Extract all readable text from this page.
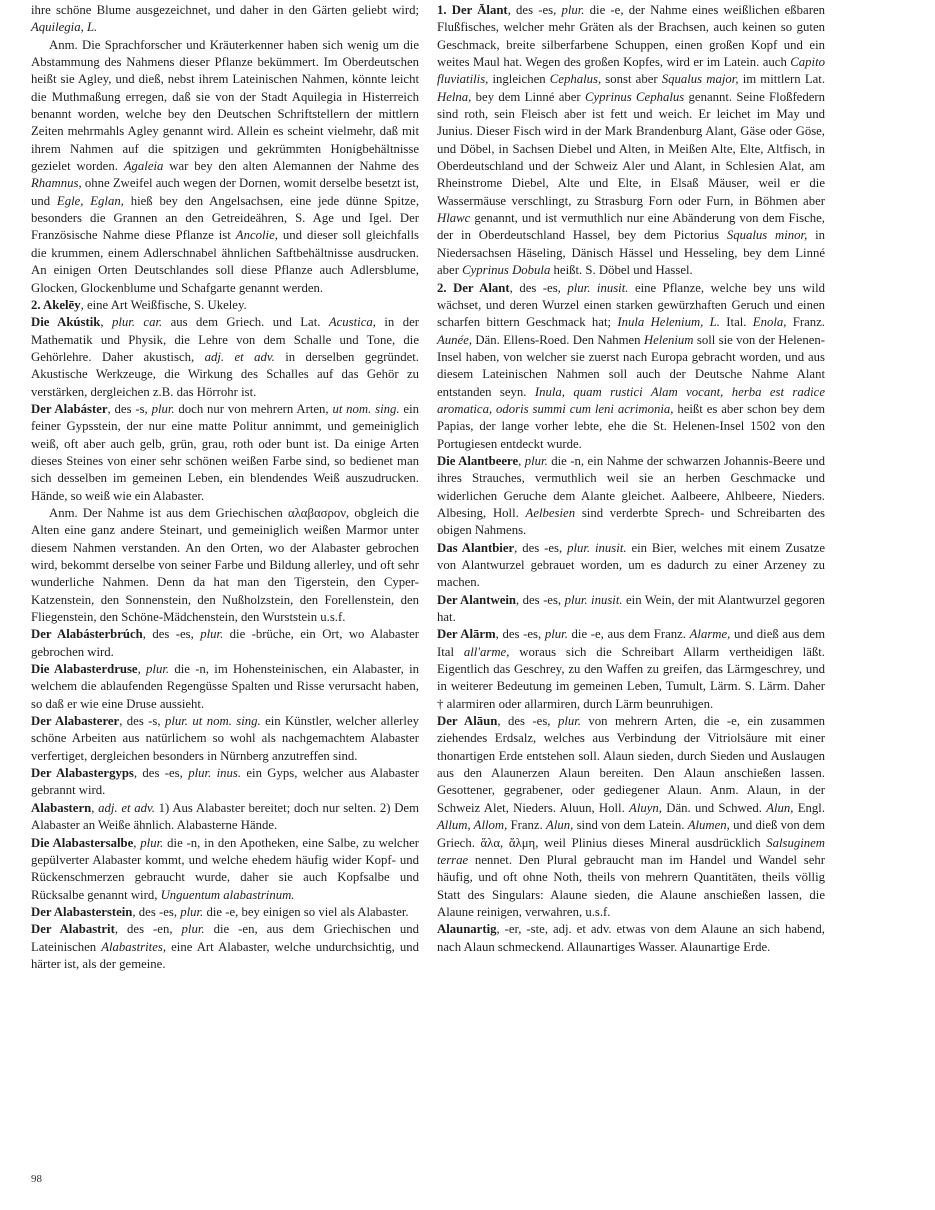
ihre schöne Blume ausgezeichnet, und daher in den Gärten geliebt wird; Aquilegia, L.

Anm. Die Sprachforscher und Kräuterkenner haben sich wenig um die Abstammung des Nahmens dieser Pflanze bekümmert. Im Oberdeutschen heißt sie Agley, und dieß, nebst ihrem Lateinischen Nahmen, könnte leicht die Muthmaßung erregen, daß sie von der Stadt Aquilegia in Histerreich benannt worden, welche bey den Deutschen Schriftstellern der mittlern Zeiten mehrmahls Agley genannt wird. Allein es scheint vielmehr, daß mit ihrem Nahmen auf die spitzigen und gekrümmten Honigbehältnisse gezielet worden. Agaleia war bey den alten Alemannen der Nahme des Rhamnus, ohne Zweifel auch wegen der Dornen, womit derselbe besetzt ist, und Egle, Eglan, hieß bey den Angelsachsen, eine jede dünne Spitze, besonders die Grannen an den Getreideähren, S. Age und Igel. Der Französische Nahme diese Pflanze ist Ancolie, und dieser soll gleichfalls die krummen, einem Adlerschnabel ähnlichen Saftbehältnisse ausdrucken. An einigen Orten Deutschlandes soll diese Pflanze auch Adlersblume, Glocken, Glockenblume und Schafgarte genannt werden.

2. Akelēy, eine Art Weißfische, S. Ukeley.

Die Akústik, plur. car. aus dem Griech. und Lat. Acustica, in der Mathematik und Physik, die Lehre von dem Schalle und Tone, die Gehörlehre. Daher akustisch, adj. et adv. in derselben gegründet. Akustische Werkzeuge, die Wirkung des Schalles auf das Gehör zu verstärken, dergleichen z.B. das Hörrohr ist.

Der Alabáster, des -s, plur. doch nur von mehrern Arten, ut nom. sing. ein feiner Gypsstein, der nur eine matte Politur annimmt, und gemeiniglich weiß, oft aber auch gelb, grün, grau, roth oder bunt ist. Da einige Arten dieses Steines von einer sehr schönen weißen Farbe sind, so bedienet man sich desselben im gemeinen Leben, ein blendendes Weiß auszudrucken. Hände, so weiß wie ein Alabaster.

Anm. Der Nahme ist aus dem Griechischen αλαβασρον, obgleich die Alten eine ganz andere Steinart, und gemeiniglich weißen Marmor unter diesem Nahmen verstanden. An den Orten, wo der Alabaster gebrochen wird, bekommt derselbe von seiner Farbe und Bildung allerley, und oft sehr wunderliche Nahmen. Denn da hat man den Tigerstein, den Cyper-Katzenstein, den Sonnenstein, den Nußholzstein, den Forellenstein, den Fliegenstein, den Schöne-Mädchenstein, den Wurststein u.s.f.

Der Alabásterbrúch, des -es, plur. die -brüche, ein Ort, wo Alabaster gebrochen wird.

Die Alabasterdruse, plur. die -n, im Hohensteinischen, ein Alabaster, in welchem die ablaufenden Regengüsse Spalten und Risse verursacht haben, so daß er wie eine Druse aussieht.

Der Alabasterer, des -s, plur. ut nom. sing. ein Künstler, welcher allerley schöne Arbeiten aus natürlichem so wohl als nachgemachtem Alabaster verfertiget, dergleichen besonders in Nürnberg anzutreffen sind.

Der Alabastergyps, des -es, plur. inus. ein Gyps, welcher aus Alabaster gebrannt wird.

Alabastern, adj. et adv. 1) Aus Alabaster bereitet; doch nur selten. 2) Dem Alabaster an Weiße ähnlich. Alabasterne Hände.

Die Alabastersalbe, plur. die -n, in den Apotheken, eine Salbe, zu welcher gepülverter Alabaster kommt, und welche ehedem häufig wider Kopf- und Rückenschmerzen gebraucht wurde, daher sie auch Kopfsalbe und Rücksalbe genannt wird, Unguentum alabastrinum.

Der Alabasterstein, des -es, plur. die -e, bey einigen so viel als Alabaster.

Der Alabastrit, des -en, plur. die -en, aus dem Griechischen und Lateinischen Alabastrites, eine Art Alabaster, welche undurchsichtig, und härter ist, als der gemeine.

1. Der Ālant, des -es, plur. die -e, der Nahme eines weißlichen eßbaren Flußfisches, welcher mehr Gräten als der Brachsen, auch keinen so guten Geschmack, breite silberfarbene Schuppen, einen großen Kopf und ein weites Maul hat. Wegen des großen Kopfes, wird er im Latein. auch Capito fluviatilis, ingleichen Cephalus, sonst aber Squalus major, im mittlern Lat. Helna, bey dem Linné aber Cyprinus Cephalus genannt. Seine Floßfedern sind roth, sein Fleisch aber ist fett und weich. Er leichet im May und Junius. Dieser Fisch wird in der Mark Brandenburg Alant, Gäse oder Göse, und Döbel, in Sachsen Diebel und Alten, in Meißen Alte, Elte, Altfisch, in Oberdeutschland und der Schweiz Aler und Alant, in Schlesien Alat, am Rheinstrome Diebel, Alte und Elte, in Elsaß Mäuser, weil er die Wassermäuse verschlingt, zu Strasburg Forn oder Furn, in Böhmen aber Hlawc genannt, und ist vermuthlich nur eine Abänderung von dem Fische, der in Oberdeutschland Hassel, bey dem Pictorius Squalus minor, in Niedersachsen Häseling, Dänisch Hässel und Hesseling, bey dem Linné aber Cyprinus Dobula heißt. S. Döbel und Hassel.

2. Der Alant, des -es, plur. inusit. eine Pflanze, welche bey uns wild wächset, und deren Wurzel einen starken gewürzhaften Geruch und einen scharfen bittern Geschmack hat; Inula Helenium, L. Ital. Enola, Franz. Aunée, Dän. Ellens-Roed. Den Nahmen Helenium soll sie von der Helenen-Insel haben, von welcher sie zuerst nach Europa gebracht worden, und aus diesem Lateinischen Nahmen soll auch der Deutsche Nahme Alant entstanden seyn. Inula, quam rustici Alam vocant, herba est radice aromatica, odoris summi cum leni acrimonia, heißt es aber schon bey dem Papias, der lange vorher lebte, ehe die St. Helenen-Insel 1502 von den Portugiesen entdeckt wurde.

Die Alantbeere, plur. die -n, ein Nahme der schwarzen Johannis-Beere und ihres Strauches, vermuthlich weil sie an herben Geschmacke und widerlichen Geruche dem Alante gleichet. Aalbeere, Ahlbeere, Nieders. Albesing, Holl. Aelbesien sind verderbte Sprech- und Schreibarten des obigen Nahmens.

Das Alantbier, des -es, plur. inusit. ein Bier, welches mit einem Zusatze von Alantwurzel gebrauet worden, um es dadurch zu einer Arzeney zu machen.

Der Alantwein, des -es, plur. inusit. ein Wein, der mit Alantwurzel gegoren hat.

Der Alārm, des -es, plur. die -e, aus dem Franz. Alarme, und dieß aus dem Ital all'arme, woraus sich die Schreibart Allarm vertheidigen läßt. Eigentlich das Geschrey, zu den Waffen zu greifen, das Lärmgeschrey, und in weiterer Bedeutung im gemeinen Leben, Tumult, Lärm. S. Lärm. Daher † alarmiren oder allarmiren, durch Lärm beunruhigen.

Der Alāun, des -es, plur. von mehrern Arten, die -e, ein zusammen ziehendes Erdsalz, welches aus Verbindung der Vitriolsäure mit einer thonartigen Erde entstehen soll. Alaun sieden, durch Sieden und Auslaugen aus den Alaunerzen Alaun bereiten. Den Alaun anschießen lassen. Gesottener, gegrabener, oder gediegener Alaun. Anm. Alaun, in der Schweiz Alet, Nieders. Aluun, Holl. Aluyn, Dän. und Schwed. Alun, Engl. Allum, Allom, Franz. Alun, sind von dem Latein. Alumen, und dieß von dem Griech. ἅλα, ἅλμη, weil Plinius dieses Mineral ausdrücklich Salsuginem terrae nennet. Den Plural gebraucht man im Handel und Wandel sehr häufig, und oft ohne Noth, theils von mehrern Quantitäten, theils völlig Statt des Singulars: Alaune sieden, die Alaune anschießen lassen, die Alaune reinigen, verwahren, u.s.f.

Alaunartig, -er, -ste, adj. et adv. etwas von dem Alaune an sich habend, nach Alaun schmeckend. Allaunartiges Wasser. Alaunartige Erde.

98
